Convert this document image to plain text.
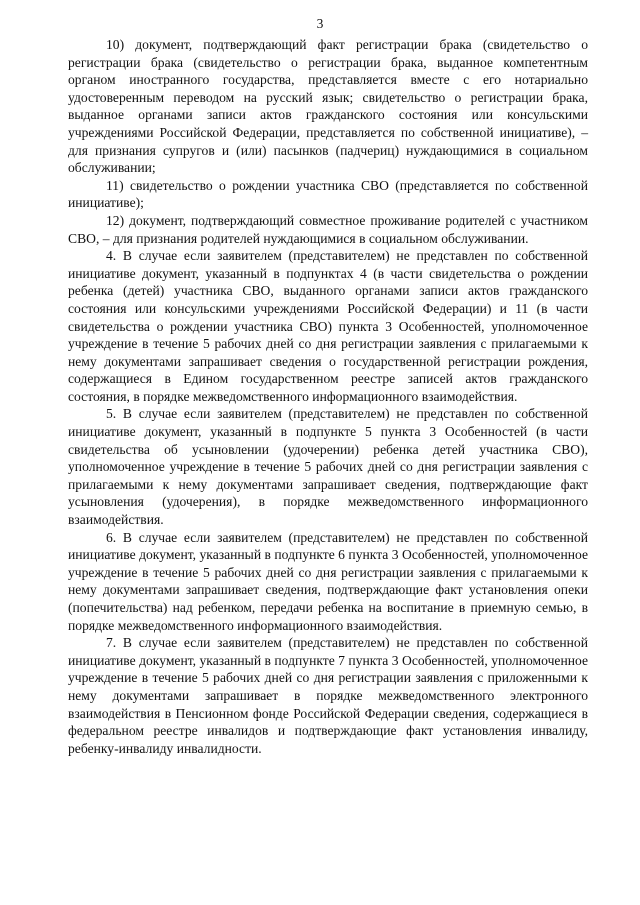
3

10) документ, подтверждающий факт регистрации брака (свидетельство о регистрации брака (свидетельство о регистрации брака, выданное компетентным органом иностранного государства, представляется вместе с его нотариально удостоверенным переводом на русский язык; свидетельство о регистрации брака, выданное органами записи актов гражданского состояния или консульскими учреждениями Российской Федерации, представляется по собственной инициативе), – для признания супругов и (или) пасынков (падчериц) нуждающимися в социальном обслуживании;

11) свидетельство о рождении участника СВО (представляется по собственной инициативе);

12) документ, подтверждающий совместное проживание родителей с участником СВО, – для признания родителей нуждающимися в социальном обслуживании.

4. В случае если заявителем (представителем) не представлен по собственной инициативе документ, указанный в подпунктах 4 (в части свидетельства о рождении ребенка (детей) участника СВО, выданного органами записи актов гражданского состояния или консульскими учреждениями Российской Федерации) и 11 (в части свидетельства о рождении участника СВО) пункта 3 Особенностей, уполномоченное учреждение в течение 5 рабочих дней со дня регистрации заявления с прилагаемыми к нему документами запрашивает сведения о государственной регистрации рождения, содержащиеся в Едином государственном реестре записей актов гражданского состояния, в порядке межведомственного информационного взаимодействия.

5. В случае если заявителем (представителем) не представлен по собственной инициативе документ, указанный в подпункте 5 пункта 3 Особенностей (в части свидетельства об усыновлении (удочерении) ребенка детей участника СВО), уполномоченное учреждение в течение 5 рабочих дней со дня регистрации заявления с прилагаемыми к нему документами запрашивает сведения, подтверждающие факт усыновления (удочерения), в порядке межведомственного информационного взаимодействия.

6. В случае если заявителем (представителем) не представлен по собственной инициативе документ, указанный в подпункте 6 пункта 3 Особенностей, уполномоченное учреждение в течение 5 рабочих дней со дня регистрации заявления с прилагаемыми к нему документами запрашивает сведения, подтверждающие факт установления опеки (попечительства) над ребенком, передачи ребенка на воспитание в приемную семью, в порядке межведомственного информационного взаимодействия.

7. В случае если заявителем (представителем) не представлен по собственной инициативе документ, указанный в подпункте 7 пункта 3 Особенностей, уполномоченное учреждение в течение 5 рабочих дней со дня регистрации заявления с приложенными к нему документами запрашивает в порядке межведомственного электронного взаимодействия в Пенсионном фонде Российской Федерации сведения, содержащиеся в федеральном реестре инвалидов и подтверждающие факт установления инвалиду, ребенку-инвалиду инвалидности.
